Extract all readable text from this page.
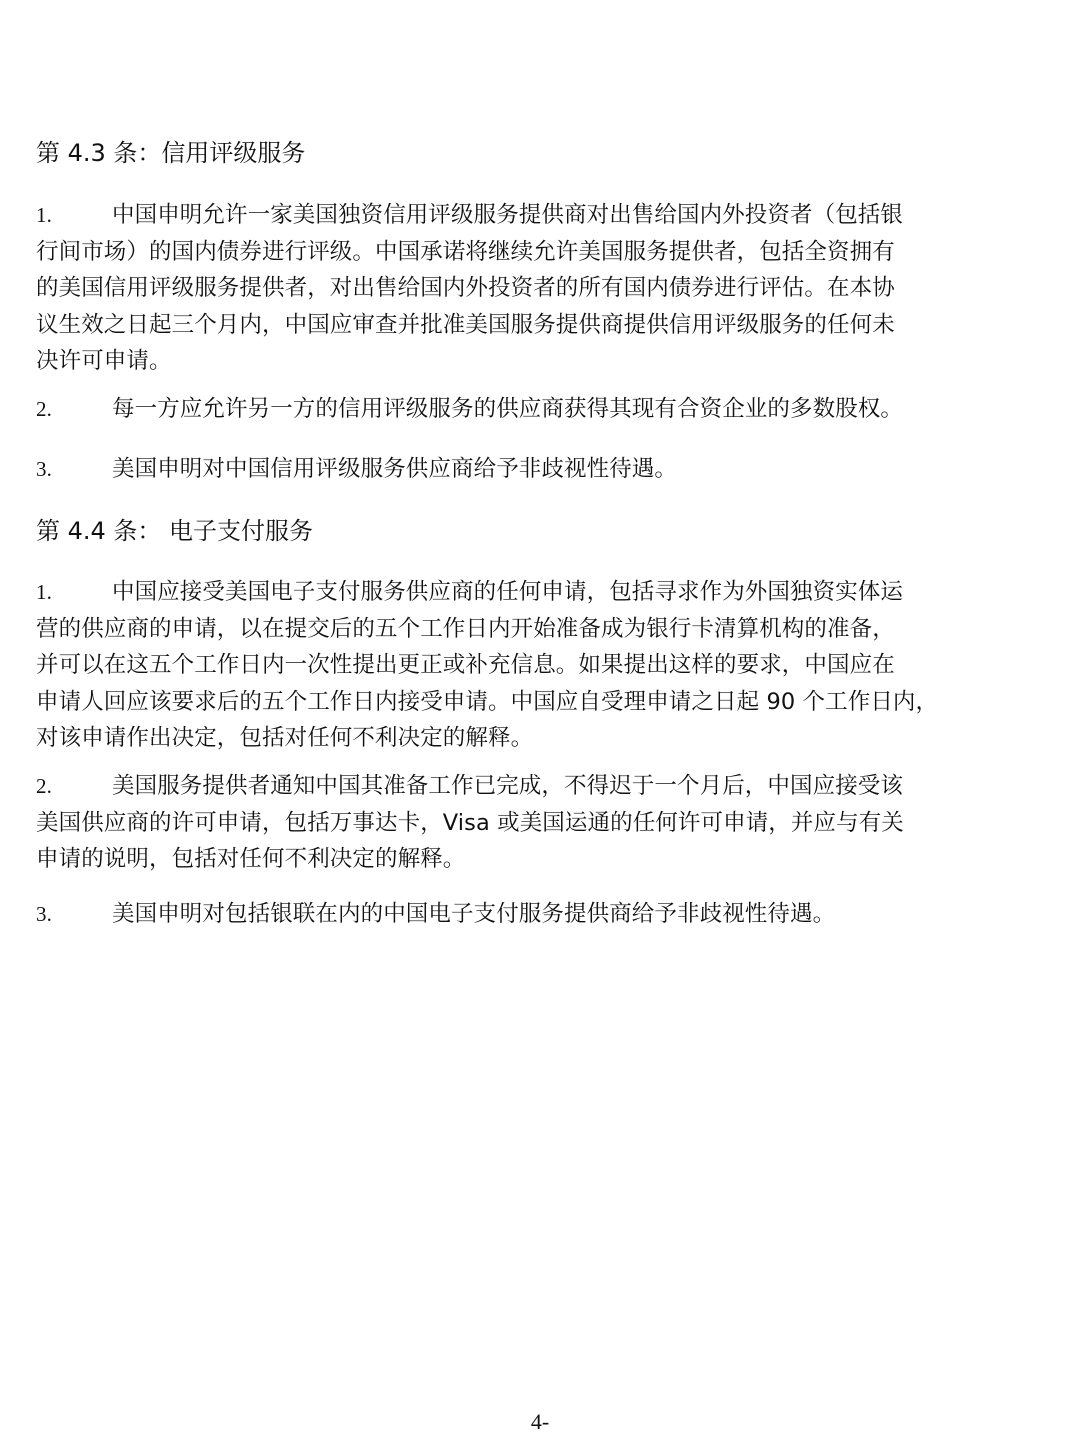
第 4.3 条：信用评级服务
1.	中国申明允许一家美国独资信用评级服务提供商对出售给国内外投资者（包括银
行间市场）的国内债券进行评级。中国承诺将继续允许美国服务提供者，包括全资拥有
的美国信用评级服务提供者，对出售给国内外投资者的所有国内债券进行评估。在本协
议生效之日起三个月内，中国应审查并批准美国服务提供商提供信用评级服务的任何未
决许可申请。
2.	每一方应允许另一方的信用评级服务的供应商获得其现有合资企业的多数股权。
3.	美国申明对中国信用评级服务供应商给予非歧视性待遇。
第 4.4 条： 电子支付服务
1.	中国应接受美国电子支付服务供应商的任何申请，包括寻求作为外国独资实体运
营的供应商的申请，以在提交后的五个工作日内开始准备成为银行卡清算机构的准备，
并可以在这五个工作日内一次性提出更正或补充信息。如果提出这样的要求，中国应在
申请人回应该要求后的五个工作日内接受申请。中国应自受理申请之日起 90 个工作日内，
对该申请作出决定，包括对任何不利决定的解释。
2.	美国服务提供者通知中国其准备工作已完成，不得迟于一个月后，中国应接受该
美国供应商的许可申请，包括万事达卡，Visa 或美国运通的任何许可申请，并应与有关
申请的说明，包括对任何不利决定的解释。
3.	美国申明对包括银联在内的中国电子支付服务提供商给予非歧视性待遇。
4-
